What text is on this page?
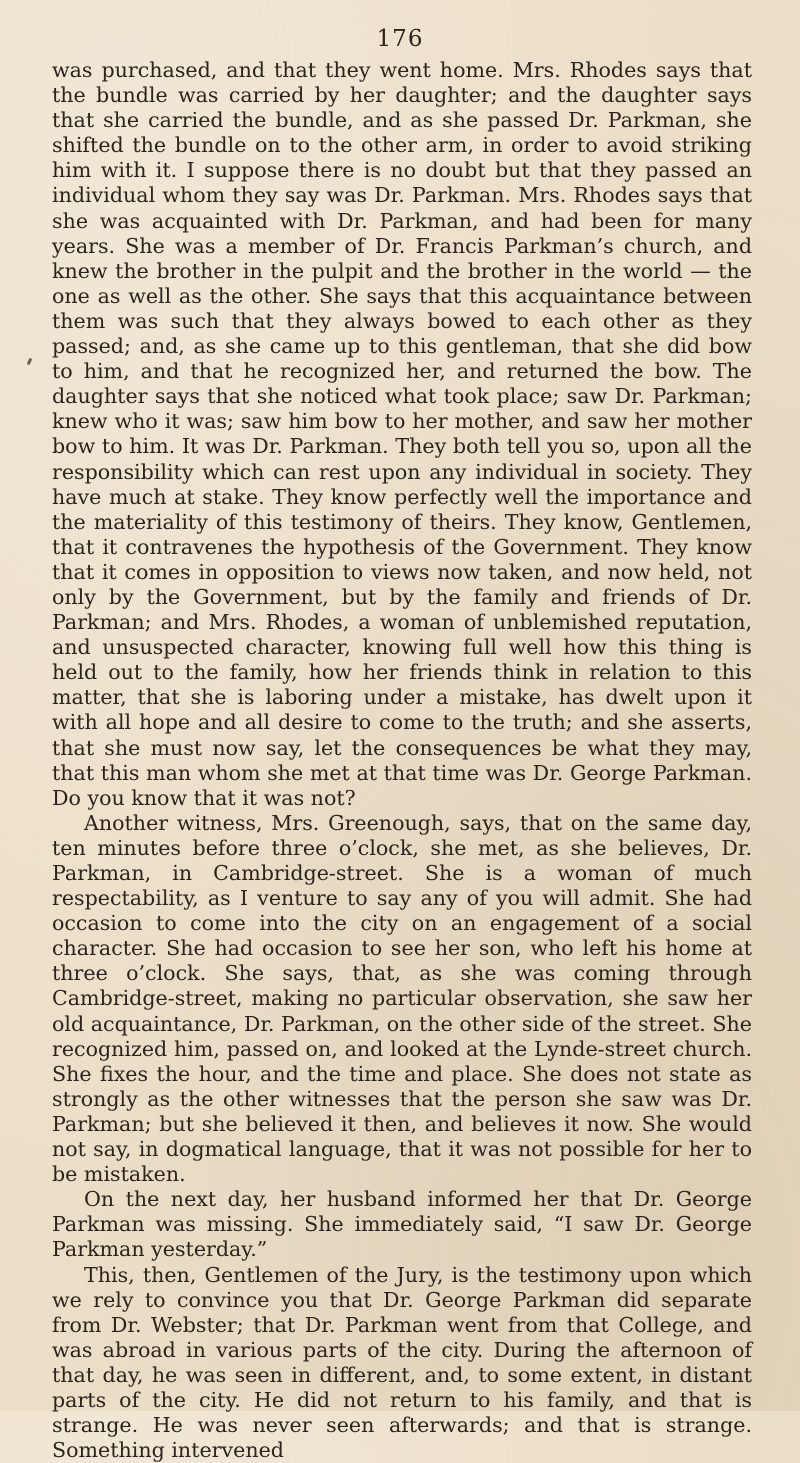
176

was purchased, and that they went home. Mrs. Rhodes says that the bundle was carried by her daughter; and the daughter says that she carried the bundle, and as she passed Dr. Parkman, she shifted the bundle on to the other arm, in order to avoid striking him with it. I suppose there is no doubt but that they passed an individual whom they say was Dr. Parkman. Mrs. Rhodes says that she was acquainted with Dr. Parkman, and had been for many years. She was a member of Dr. Francis Parkman’s church, and knew the brother in the pulpit and the brother in the world — the one as well as the other. She says that this acquaintance between them was such that they always bowed to each other as they passed; and, as she came up to this gentleman, that she did bow to him, and that he recognized her, and returned the bow. The daughter says that she noticed what took place; saw Dr. Parkman; knew who it was; saw him bow to her mother, and saw her mother bow to him. It was Dr. Parkman. They both tell you so, upon all the responsibility which can rest upon any individual in society. They have much at stake. They know perfectly well the importance and the materiality of this testimony of theirs. They know, Gentlemen, that it contravenes the hypothesis of the Government. They know that it comes in opposition to views now taken, and now held, not only by the Government, but by the family and friends of Dr. Parkman; and Mrs. Rhodes, a woman of unblemished reputation, and unsuspected character, knowing full well how this thing is held out to the family, how her friends think in relation to this matter, that she is laboring under a mistake, has dwelt upon it with all hope and all desire to come to the truth; and she asserts, that she must now say, let the consequences be what they may, that this man whom she met at that time was Dr. George Parkman. Do you know that it was not?

Another witness, Mrs. Greenough, says, that on the same day, ten minutes before three o’clock, she met, as she believes, Dr. Parkman, in Cambridge-street. She is a woman of much respectability, as I venture to say any of you will admit. She had occasion to come into the city on an engagement of a social character. She had occasion to see her son, who left his home at three o’clock. She says, that, as she was coming through Cambridge-street, making no particular observation, she saw her old acquaintance, Dr. Parkman, on the other side of the street. She recognized him, passed on, and looked at the Lynde-street church. She fixes the hour, and the time and place. She does not state as strongly as the other witnesses that the person she saw was Dr. Parkman; but she believed it then, and believes it now. She would not say, in dogmatical language, that it was not possible for her to be mistaken.

On the next day, her husband informed her that Dr. George Parkman was missing. She immediately said, “I saw Dr. George Parkman yesterday.”

This, then, Gentlemen of the Jury, is the testimony upon which we rely to convince you that Dr. George Parkman did separate from Dr. Webster; that Dr. Parkman went from that College, and was abroad in various parts of the city. During the afternoon of that day, he was seen in different, and, to some extent, in distant parts of the city. He did not return to his family, and that is strange. He was never seen afterwards; and that is strange. Something intervened
